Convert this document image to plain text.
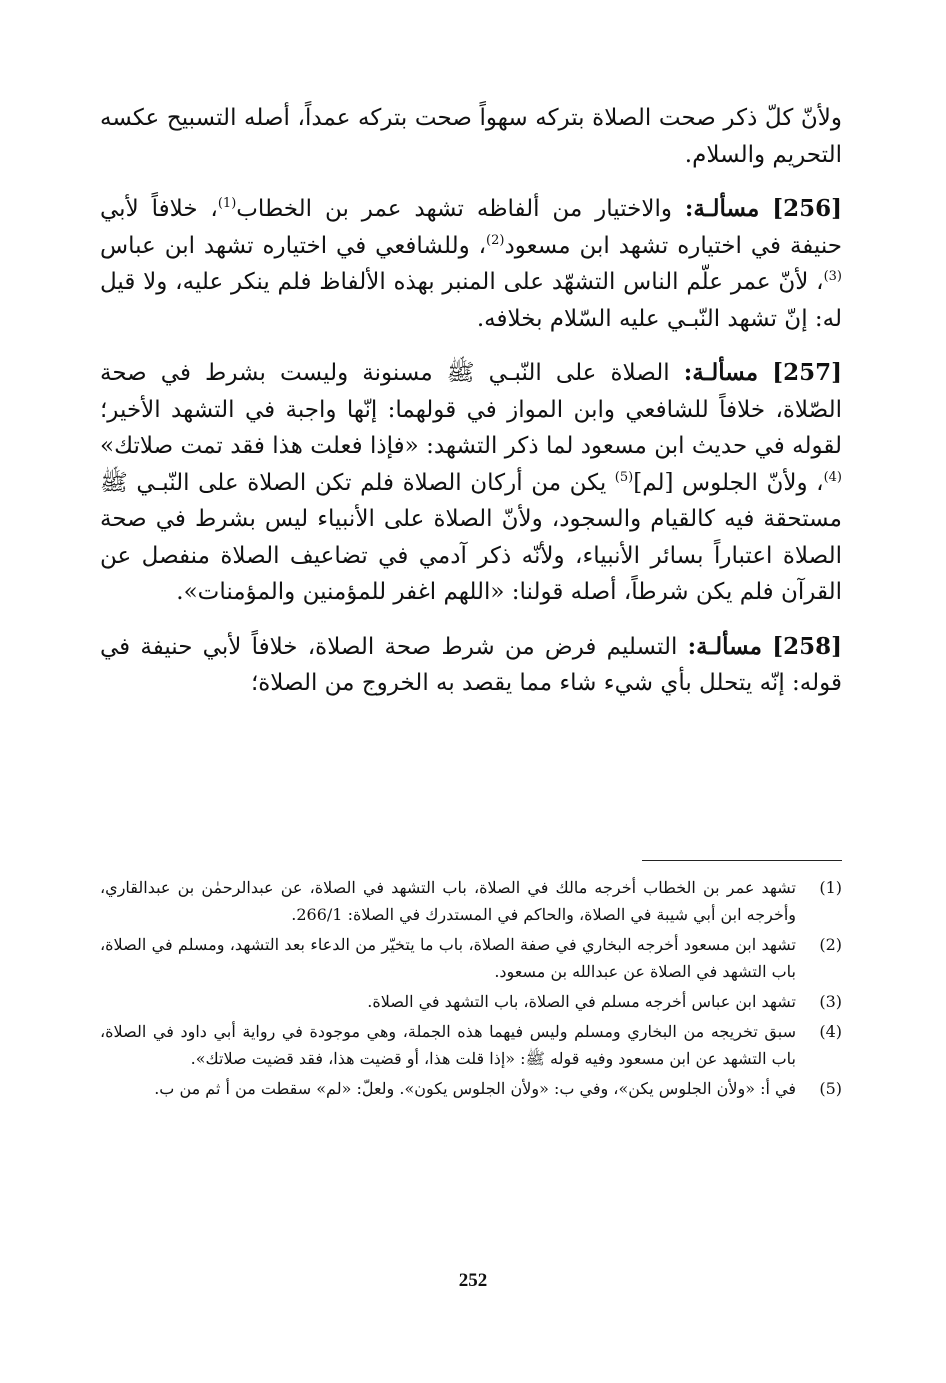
ولأنّ كلّ ذكر صحت الصلاة بتركه سهواً صحت بتركه عمداً، أصله التسبيح عكسه التحريم والسلام.

[256] مسألـة: والاختيار من ألفاظه تشهد عمر بن الخطاب$^{(1)}$، خلافاً لأبي حنيفة في اختياره تشهد ابن مسعود$^{(2)}$، وللشافعي في اختياره تشهد ابن عباس$^{(3)}$، لأنّ عمر علّم الناس التشهّد على المنبر بهذه الألفاظ فلم ينكر عليه، ولا قيل له: إنّ تشهد النّبـي عليه السّلام بخلافه.

[257] مسألـة: الصلاة على النّبـي ﷺ مسنونة وليست بشرط في صحة الصّلاة، خلافاً للشافعي وابن المواز في قولهما: إنّها واجبة في التشهد الأخير؛ لقوله في حديث ابن مسعود لما ذكر التشهد: «فإذا فعلت هذا فقد تمت صلاتك»$^{(4)}$، ولأنّ الجلوس [لم]$^{(5)}$ يكن من أركان الصلاة فلم تكن الصلاة على النّبـي ﷺ مستحقة فيه كالقيام والسجود، ولأنّ الصلاة على الأنبياء ليس بشرط في صحة الصلاة اعتباراً بسائر الأنبياء، ولأنّه ذكر آدمي في تضاعيف الصلاة منفصل عن القرآن فلم يكن شرطاً، أصله قولنا: «اللهم اغفر للمؤمنين والمؤمنات».

[258] مسألـة: التسليم فرض من شرط صحة الصلاة، خلافاً لأبي حنيفة في قوله: إنّه يتحلل بأي شيء شاء مما يقصد به الخروج من الصلاة؛

(1)
تشهد عمر بن الخطاب أخرجه مالك في الصلاة، باب التشهد في الصلاة، عن عبدالرحمٰن بن عبدالقاري، وأخرجه ابن أبي شيبة في الصلاة، والحاكم في المستدرك في الصلاة: 266/1.

(2)
تشهد ابن مسعود أخرجه البخاري في صفة الصلاة، باب ما يتخيّر من الدعاء بعد التشهد، ومسلم في الصلاة، باب التشهد في الصلاة عن عبدالله بن مسعود.

(3)
تشهد ابن عباس أخرجه مسلم في الصلاة، باب التشهد في الصلاة.

(4)
سبق تخريجه من البخاري ومسلم وليس فيهما هذه الجملة، وهي موجودة في رواية أبي داود في الصلاة، باب التشهد عن ابن مسعود وفيه قوله ﷺ: «إذا قلت هذا، أو قضيت هذا، فقد قضيت صلاتك».

(5)
في أ: «ولأن الجلوس يكن»، وفي ب: «ولأن الجلوس يكون». ولعلّ: «لم» سقطت من أ ثم من ب.

252
